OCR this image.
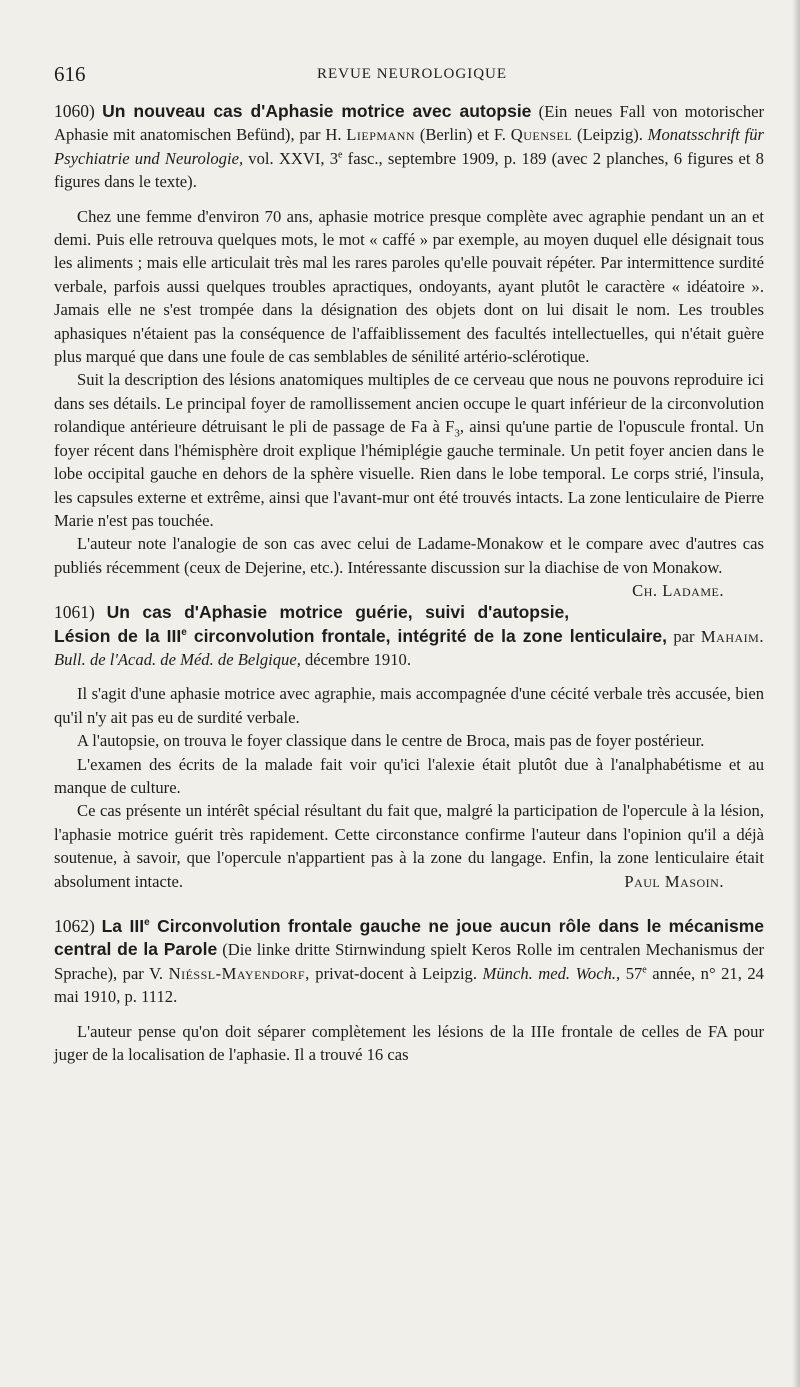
616	REVUE NEUROLOGIQUE

1060) Un nouveau cas d'Aphasie motrice avec autopsie (Ein neues Fall von motorischer Aphasie mit anatomischen Befünd), par H. Liepmann (Berlin) et F. Quensel (Leipzig). Monatsschrift für Psychiatrie und Neurologie, vol. XXVI, 3e fasc., septembre 1909, p. 189 (avec 2 planches, 6 figures et 8 figures dans le texte).

Chez une femme d'environ 70 ans, aphasie motrice presque complète avec agraphie pendant un an et demi. Puis elle retrouva quelques mots, le mot « caffé » par exemple, au moyen duquel elle désignait tous les aliments ; mais elle articulait très mal les rares paroles qu'elle pouvait répéter. Par intermittence surdité verbale, parfois aussi quelques troubles apractiques, ondoyants, ayant plutôt le caractère « idéatoire ». Jamais elle ne s'est trompée dans la désignation des objets dont on lui disait le nom. Les troubles aphasiques n'étaient pas la conséquence de l'affaiblissement des facultés intellectuelles, qui n'était guère plus marqué que dans une foule de cas semblables de sénilité artério-sclérotique.

Suit la description des lésions anatomiques multiples de ce cerveau que nous ne pouvons reproduire ici dans ses détails. Le principal foyer de ramollissement ancien occupe le quart inférieur de la circonvolution rolandique antérieure détruisant le pli de passage de Fa à $F_3$, ainsi qu'une partie de l'opuscule frontal. Un foyer récent dans l'hémisphère droit explique l'hémiplégie gauche terminale. Un petit foyer ancien dans le lobe occipital gauche en dehors de la sphère visuelle. Rien dans le lobe temporal. Le corps strié, l'insula, les capsules externe et extrême, ainsi que l'avant-mur ont été trouvés intacts. La zone lenticulaire de Pierre Marie n'est pas touchée.

L'auteur note l'analogie de son cas avec celui de Ladame-Monakow et le compare avec d'autres cas publiés récemment (ceux de Dejerine, etc.). Intéressante discussion sur la diachise de von Monakow.
Ch. Ladame.

1061) Un cas d'Aphasie motrice guérie, suivi d'autopsie, Lésion de la IIIe circonvolution frontale, intégrité de la zone lenticulaire, par Mahaim. Bull. de l'Acad. de Méd. de Belgique, décembre 1910.

Il s'agit d'une aphasie motrice avec agraphie, mais accompagnée d'une cécité verbale très accusée, bien qu'il n'y ait pas eu de surdité verbale.

A l'autopsie, on trouva le foyer classique dans le centre de Broca, mais pas de foyer postérieur.

L'examen des écrits de la malade fait voir qu'ici l'alexie était plutôt due à l'analphabétisme et au manque de culture.

Ce cas présente un intérêt spécial résultant du fait que, malgré la participation de l'opercule à la lésion, l'aphasie motrice guérit très rapidement. Cette circonstance confirme l'auteur dans l'opinion qu'il a déjà soutenue, à savoir, que l'opercule n'appartient pas à la zone du langage. Enfin, la zone lenticulaire était absolument intacte.	Paul Masoin.

1062) La IIIe Circonvolution frontale gauche ne joue aucun rôle dans le mécanisme central de la Parole (Die linke dritte Stirnwindung spielt Keros Rolle im centralen Mechanismus der Sprache), par V. Niéssl-Mayendorf, privat-docent à Leipzig. Münch. med. Woch., 57e année, n° 21, 24 mai 1910, p. 1112.

L'auteur pense qu'on doit séparer complètement les lésions de la IIIe frontale de celles de FA pour juger de la localisation de l'aphasie. Il a trouvé 16 cas
